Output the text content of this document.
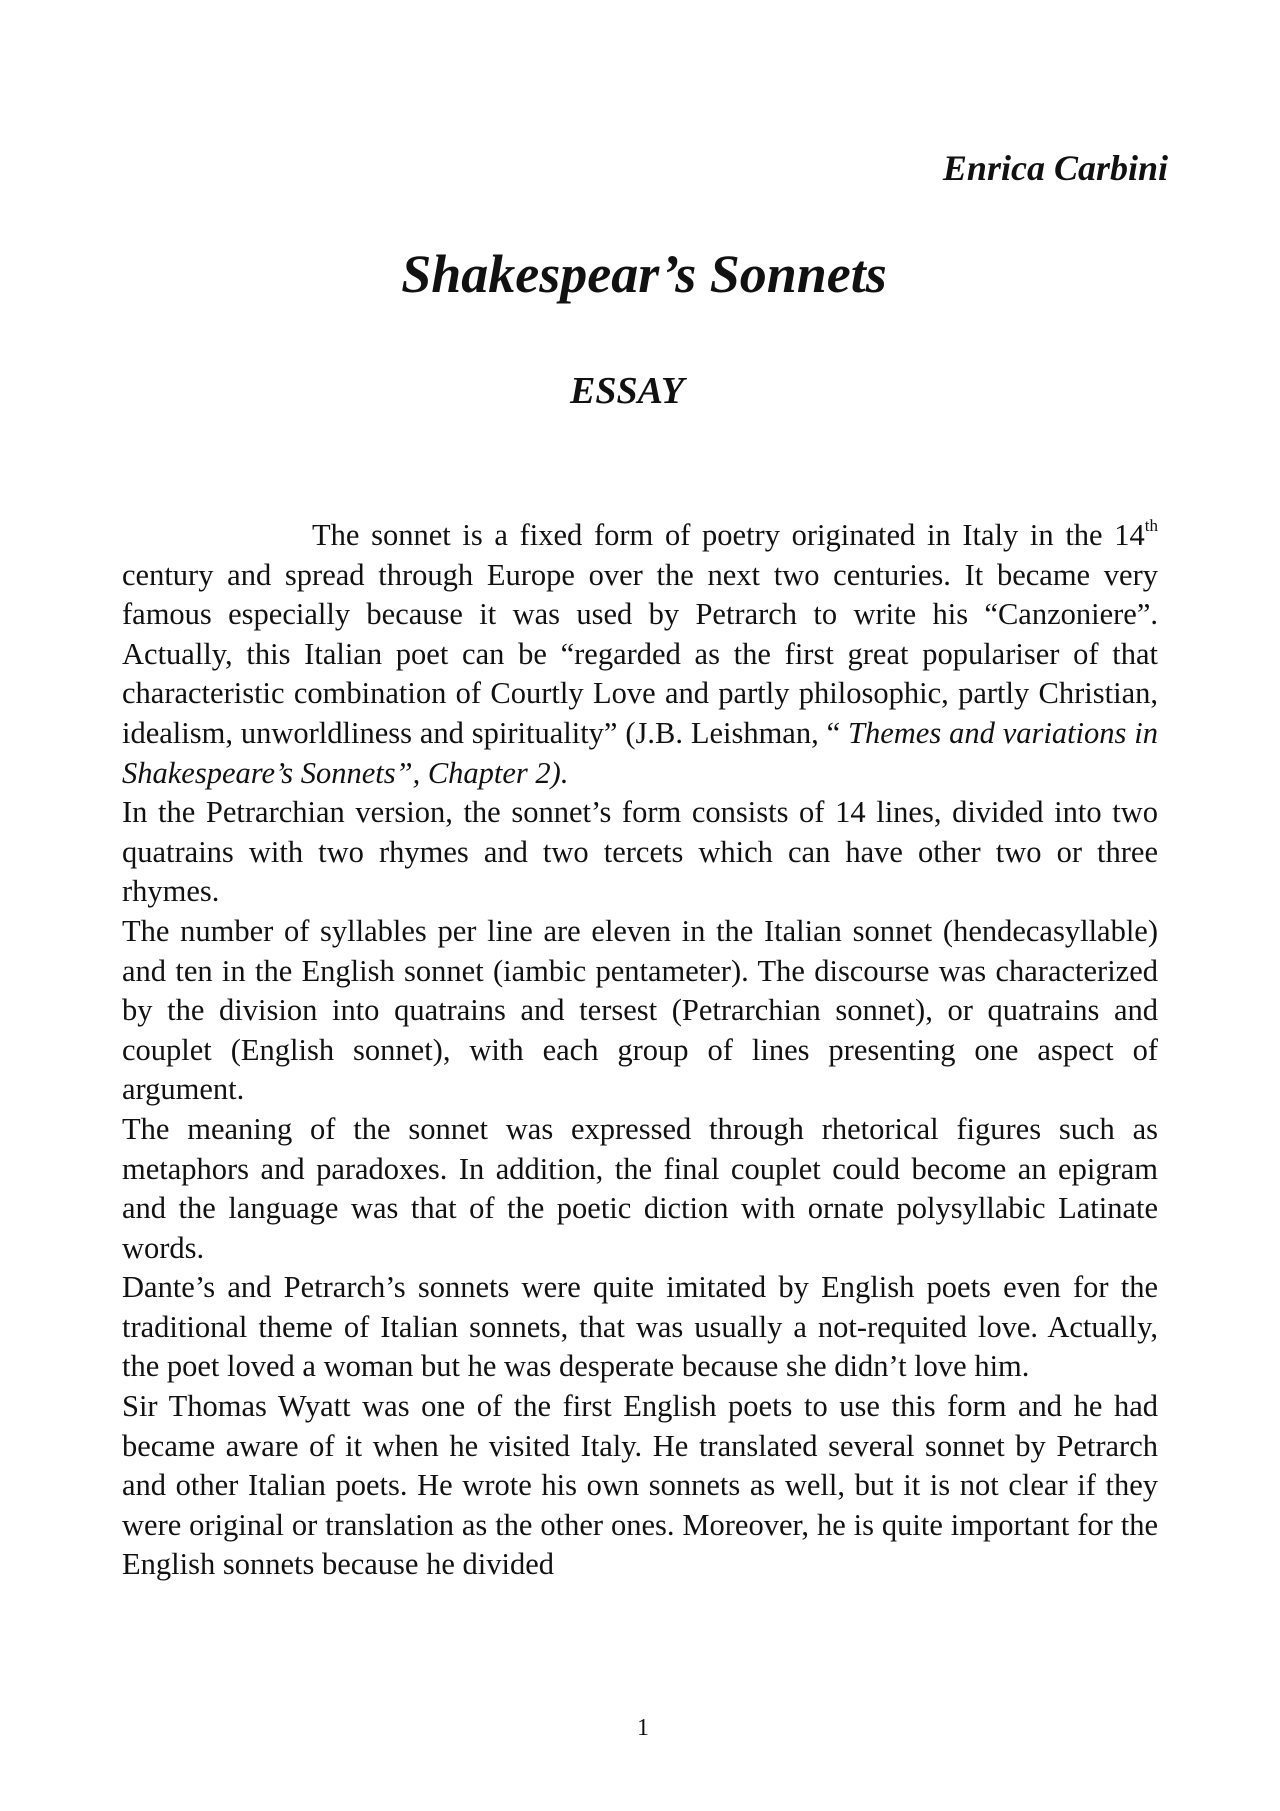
Enrica Carbini
Shakespear’s Sonnets
ESSAY

The sonnet is a fixed form of poetry originated in Italy in the 14th century and spread through Europe over the next two centuries. It became very famous especially because it was used by Petrarch to write his “Canzoniere”. Actually, this Italian poet can be “regarded as the first great populariser of that characteristic combination of Courtly Love and partly philosophic, partly Christian, idealism, unworldliness and spirituality” (J.B. Leishman, “ Themes and variations in Shakespeare’s Sonnets”, Chapter 2).

In the Petrarchian version, the sonnet’s form consists of 14 lines, divided into two quatrains with two rhymes and two tercets which can have other two or three rhymes.

The number of syllables per line are eleven in the Italian sonnet (hendecasyllable) and ten in the English sonnet (iambic pentameter). The discourse was characterized by the division into quatrains and tersest (Petrarchian sonnet), or quatrains and couplet (English sonnet), with each group of lines presenting one aspect of argument.

The meaning of the sonnet was expressed through rhetorical figures such as metaphors and paradoxes. In addition, the final couplet could become an epigram and the language was that of the poetic diction with ornate polysyllabic Latinate words.

Dante’s and Petrarch’s sonnets were quite imitated by English poets even for the traditional theme of Italian sonnets, that was usually a not-requited love. Actually, the poet loved a woman but he was desperate because she didn’t love him.

Sir Thomas Wyatt was one of the first English poets to use this form and he had became aware of it when he visited Italy. He translated several sonnet by Petrarch and other Italian poets. He wrote his own sonnets as well, but it is not clear if they were original or translation as the other ones. Moreover, he is quite important for the English sonnets because he divided

1
